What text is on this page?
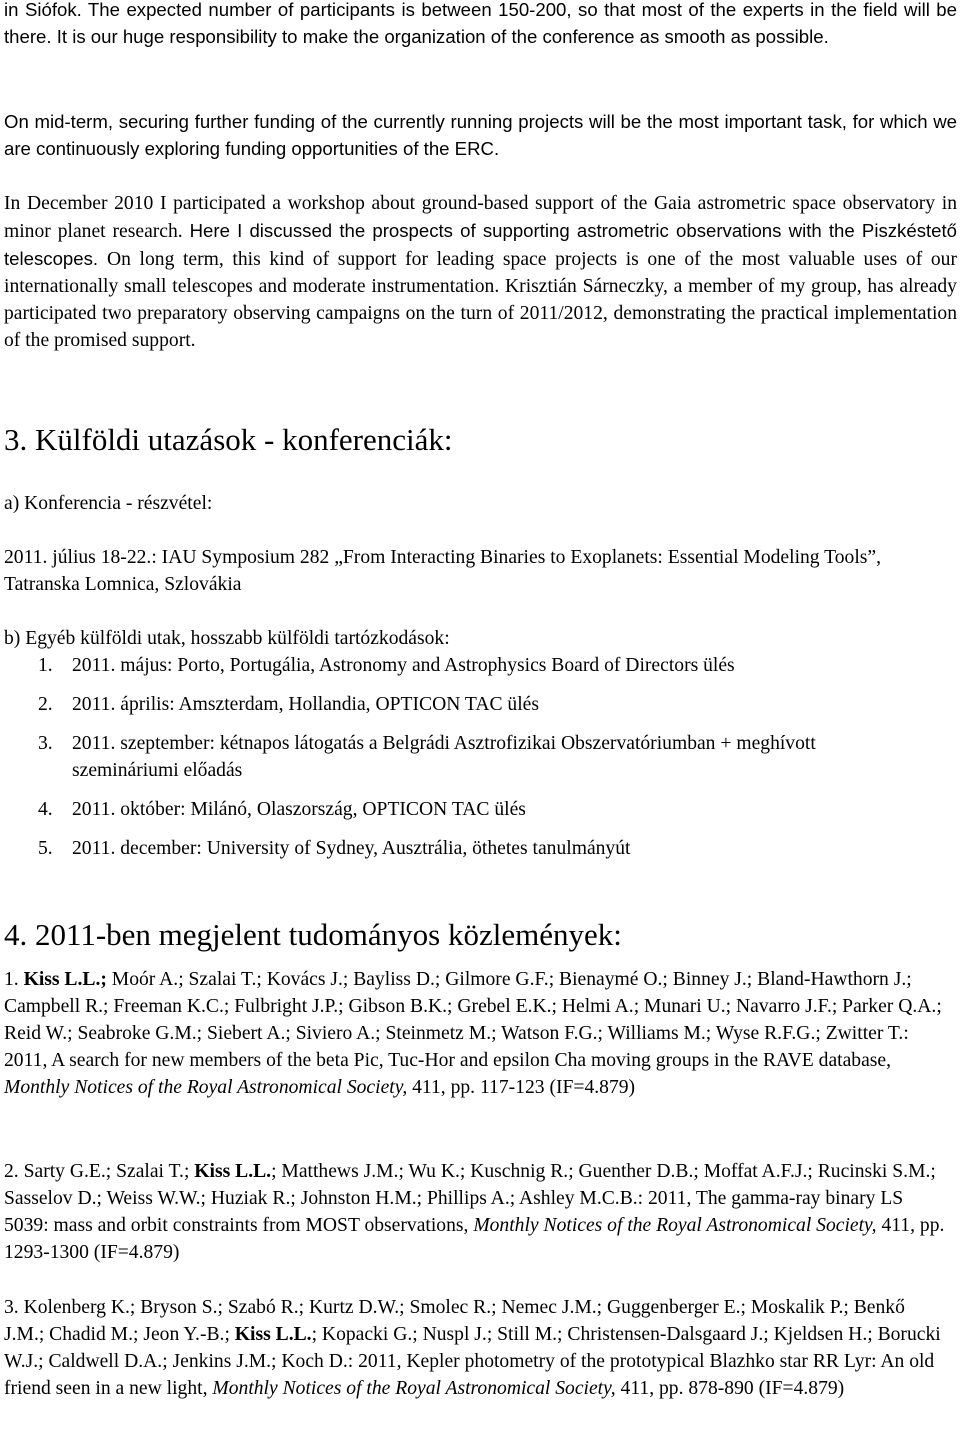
in Siófok. The expected number of participants is between 150-200, so that most of the experts in the field will be there. It is our huge responsibility to make the organization of the conference as smooth as possible.

On mid-term, securing further funding of the currently running projects will be the most important task, for which we are continuously exploring funding opportunities of the ERC.

In December 2010 I participated a workshop about ground-based support of the Gaia astrometric space observatory in minor planet research. Here I discussed the prospects of supporting astrometric observations with the Piszkéstető telescopes. On long term, this kind of support for leading space projects is one of the most valuable uses of our internationally small telescopes and moderate instrumentation. Krisztián Sárneczky, a member of my group, has already participated two preparatory observing campaigns on the turn of 2011/2012, demonstrating the practical implementation of the promised support.

3. Külföldi utazások - konferenciák:

a) Konferencia - részvétel:

2011. július 18-22.: IAU Symposium 282 „From Interacting Binaries to Exoplanets: Essential Modeling Tools”, Tatranska Lomnica, Szlovákia

b) Egyéb külföldi utak, hosszabb külföldi tartózkodások:

1. 2011. május: Porto, Portugália, Astronomy and Astrophysics Board of Directors ülés
2. 2011. április: Amszterdam, Hollandia, OPTICON TAC ülés
3. 2011. szeptember: kétnapos látogatás a Belgrádi Asztrofizikai Obszervatóriumban + meghívott szemináriumi előadás
4. 2011. október: Milánó, Olaszország, OPTICON TAC ülés
5. 2011. december: University of Sydney, Ausztrália, öthetes tanulmányút
4. 2011-ben megjelent tudományos közlemények:

1. Kiss L.L.; Moór A.; Szalai T.; Kovács J.; Bayliss D.; Gilmore G.F.; Bienaymé O.; Binney J.; Bland-Hawthorn J.; Campbell R.; Freeman K.C.; Fulbright J.P.; Gibson B.K.; Grebel E.K.; Helmi A.; Munari U.; Navarro J.F.; Parker Q.A.; Reid W.; Seabroke G.M.; Siebert A.; Siviero A.; Steinmetz M.; Watson F.G.; Williams M.; Wyse R.F.G.; Zwitter T.: 2011, A search for new members of the beta Pic, Tuc-Hor and epsilon Cha moving groups in the RAVE database, Monthly Notices of the Royal Astronomical Society, 411, pp. 117-123 (IF=4.879)

2. Sarty G.E.; Szalai T.; Kiss L.L.; Matthews J.M.; Wu K.; Kuschnig R.; Guenther D.B.; Moffat A.F.J.; Rucinski S.M.; Sasselov D.; Weiss W.W.; Huziak R.; Johnston H.M.; Phillips A.; Ashley M.C.B.: 2011, The gamma-ray binary LS 5039: mass and orbit constraints from MOST observations, Monthly Notices of the Royal Astronomical Society, 411, pp. 1293-1300 (IF=4.879)

3. Kolenberg K.; Bryson S.; Szabó R.; Kurtz D.W.; Smolec R.; Nemec J.M.; Guggenberger E.; Moskalik P.; Benkő J.M.; Chadid M.; Jeon Y.-B.; Kiss L.L.; Kopacki G.; Nuspl J.; Still M.; Christensen-Dalsgaard J.; Kjeldsen H.; Borucki W.J.; Caldwell D.A.; Jenkins J.M.; Koch D.: 2011, Kepler photometry of the prototypical Blazhko star RR Lyr: An old friend seen in a new light, Monthly Notices of the Royal Astronomical Society, 411, pp. 878-890 (IF=4.879)
